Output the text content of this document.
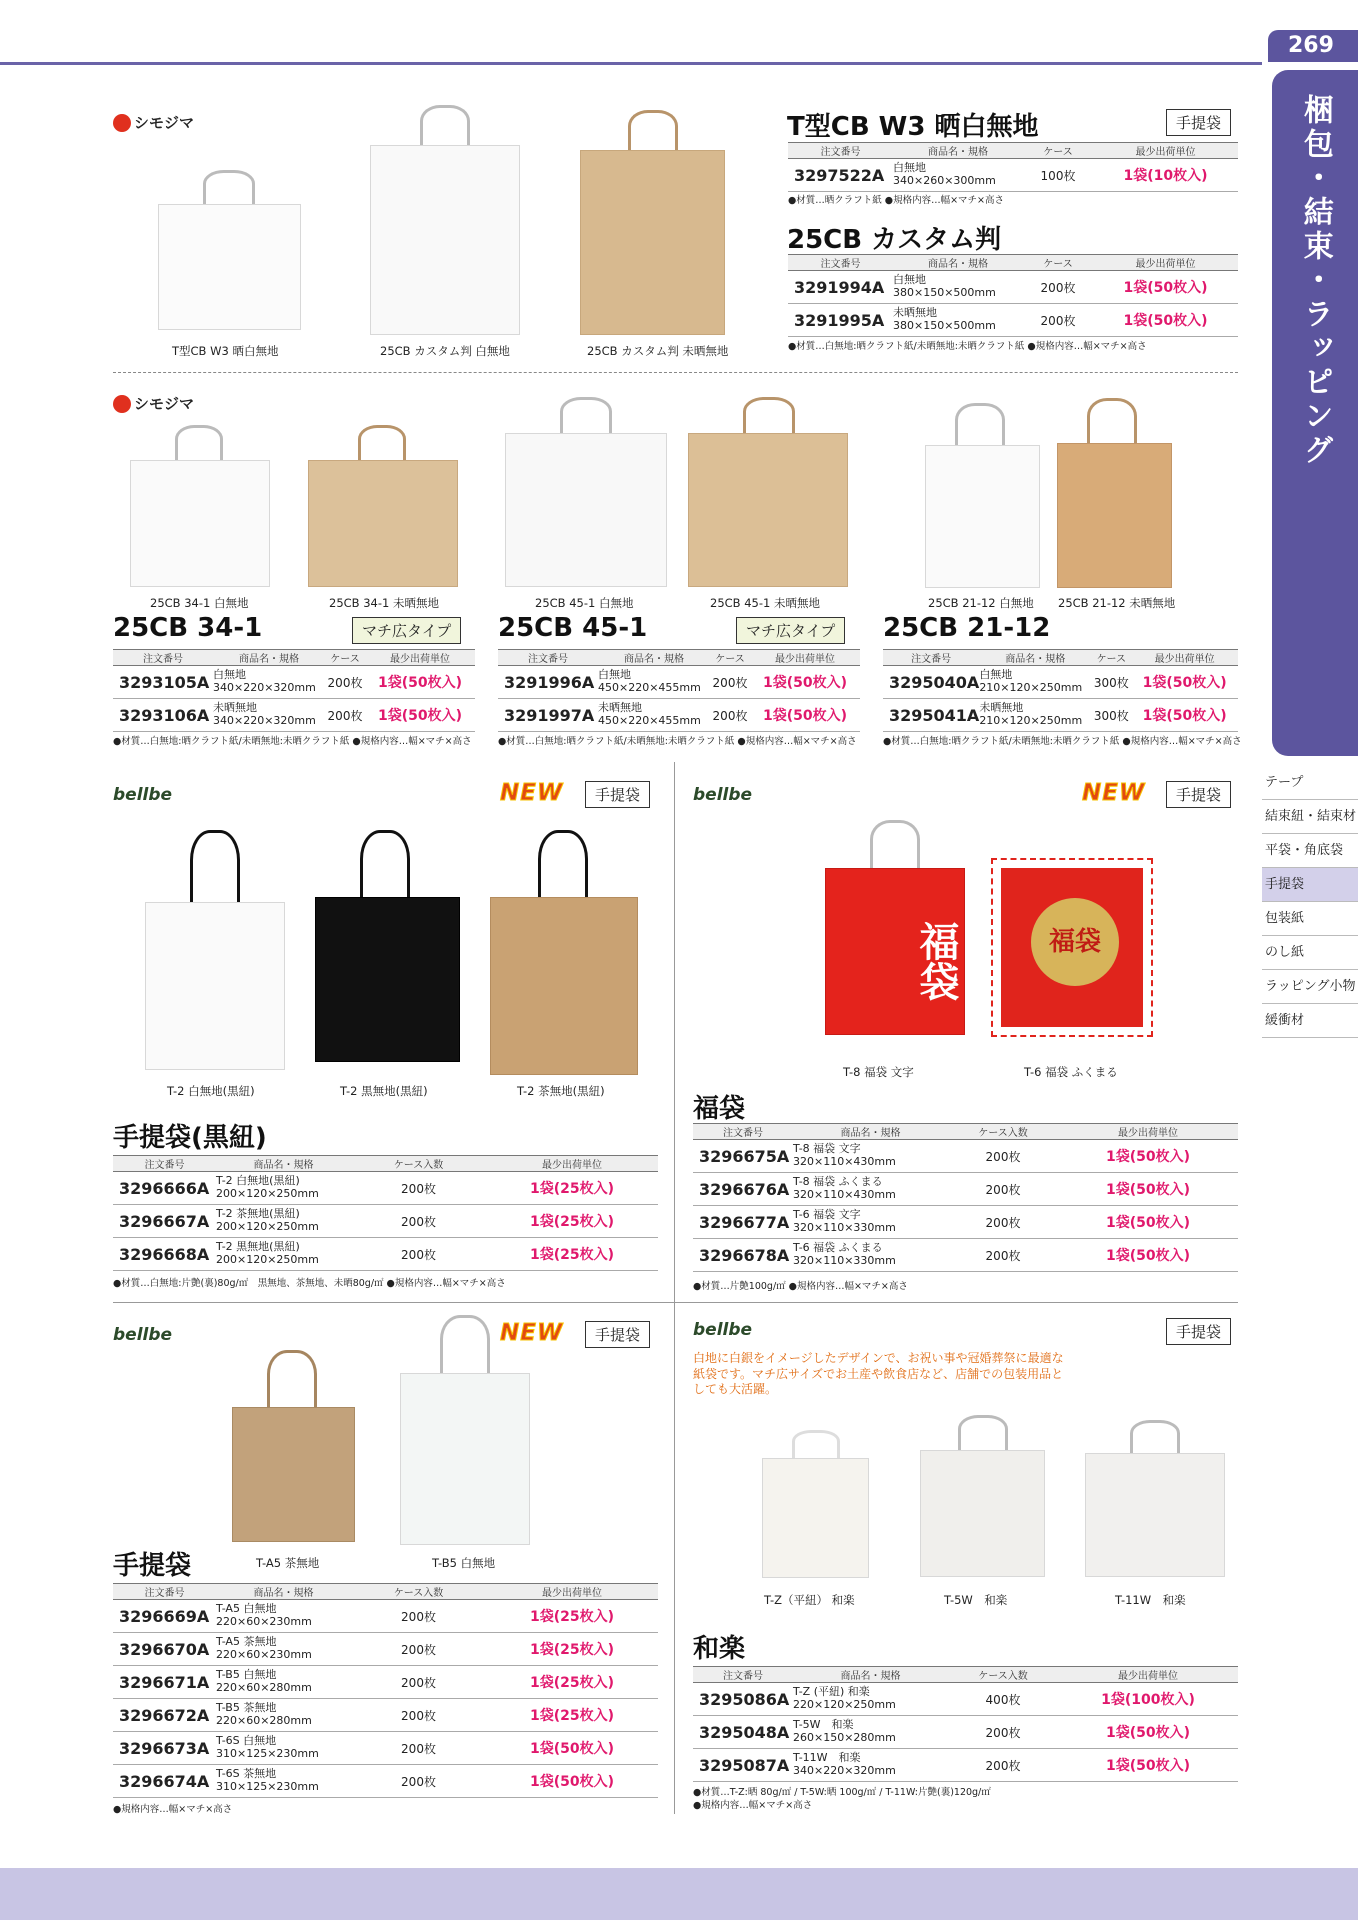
269
梱包・結束・ラッピング
テープ
結束紐・結束材
平袋・角底袋
手提袋
包装紙
のし紙
ラッピング小物
緩衝材
シモジマ
T型CB W3 晒白無地	25CB カスタム判 白無地	25CB カスタム判 未晒無地
T型CB W3 晒白無地	手提袋
注文番号	商品名・規格	ケース	最少出荷単位
3297522A	白無地
340×260×300mm	100枚	1袋(10枚入)
●材質…晒クラフト紙 ●規格内容…幅×マチ×高さ
25CB カスタム判
注文番号	商品名・規格	ケース	最少出荷単位
3291994A	白無地
380×150×500mm	200枚	1袋(50枚入)
3291995A	未晒無地
380×150×500mm	200枚	1袋(50枚入)
●材質…白無地:晒クラフト紙/未晒無地:未晒クラフト紙 ●規格内容…幅×マチ×高さ
シモジマ
25CB 34-1 白無地	25CB 34-1 未晒無地	25CB 45-1 白無地	25CB 45-1 未晒無地	25CB 21-12 白無地 25CB 21-12 未晒無地
25CB 34-1	マチ広タイプ	25CB 45-1	マチ広タイプ	25CB 21-12
注文番号	商品名・規格	ケース	最少出荷単位
3293105A	白無地
340×220×320mm	200枚	1袋(50枚入)
3293106A	未晒無地
340×220×320mm	200枚	1袋(50枚入)
注文番号	商品名・規格	ケース	最少出荷単位
3291996A	白無地
450×220×455mm	200枚	1袋(50枚入)
3291997A	未晒無地
450×220×455mm	200枚	1袋(50枚入)
注文番号	商品名・規格	ケース	最少出荷単位
3295040A	白無地
210×120×250mm	300枚	1袋(50枚入)
3295041A	未晒無地
210×120×250mm	300枚	1袋(50枚入)
●材質…白無地:晒クラフト紙/未晒無地:未晒クラフト紙 ●規格内容…幅×マチ×高さ	●材質…白無地:晒クラフト紙/未晒無地:未晒クラフト紙 ●規格内容…幅×マチ×高さ	●材質…白無地:晒クラフト紙/未晒無地:未晒クラフト紙 ●規格内容…幅×マチ×高さ
bellbe	NEW	手提袋
T-2 白無地(黒紐)	T-2 黒無地(黒紐)	T-2 茶無地(黒紐)
手提袋(黒紐)
注文番号	商品名・規格	ケース入数	最少出荷単位
3296666A	T-2 白無地(黒紐)
200×120×250mm	200枚	1袋(25枚入)
3296667A	T-2 茶無地(黒紐)
200×120×250mm	200枚	1袋(25枚入)
3296668A	T-2 黒無地(黒紐)
200×120×250mm	200枚	1袋(25枚入)
●材質…白無地:片艶(裏)80g/㎡　黒無地、茶無地、未晒80g/㎡ ●規格内容…幅×マチ×高さ
bellbe	NEW	手提袋
福袋	福袋
T-8 福袋 文字	T-6 福袋 ふくまる
福袋
注文番号	商品名・規格	ケース入数	最少出荷単位
3296675A	T-8 福袋 文字
320×110×430mm	200枚	1袋(50枚入)
3296676A	T-8 福袋 ふくまる
320×110×430mm	200枚	1袋(50枚入)
3296677A	T-6 福袋 文字
320×110×330mm	200枚	1袋(50枚入)
3296678A	T-6 福袋 ふくまる
320×110×330mm	200枚	1袋(50枚入)
●材質…片艶100g/㎡ ●規格内容…幅×マチ×高さ
bellbe	NEW	手提袋
T-A5 茶無地	T-B5 白無地
手提袋
注文番号	商品名・規格	ケース入数	最少出荷単位
3296669A	T-A5 白無地
220×60×230mm	200枚	1袋(25枚入)
3296670A	T-A5 茶無地
220×60×230mm	200枚	1袋(25枚入)
3296671A	T-B5 白無地
220×60×280mm	200枚	1袋(25枚入)
3296672A	T-B5 茶無地
220×60×280mm	200枚	1袋(25枚入)
3296673A	T-6S 白無地
310×125×230mm	200枚	1袋(50枚入)
3296674A	T-6S 茶無地
310×125×230mm	200枚	1袋(50枚入)
●規格内容…幅×マチ×高さ
bellbe	手提袋
白地に白銀をイメージしたデザインで、お祝い事や冠婚葬祭に最適な紙袋です。マチ広サイズでお土産や飲食店など、店舗での包装用品としても大活躍。
T-Z（平紐） 和楽	T-5W　和楽	T-11W　和楽
和楽
注文番号	商品名・規格	ケース入数	最少出荷単位
3295086A	T-Z (平紐) 和楽
220×120×250mm	400枚	1袋(100枚入)
3295048A	T-5W　和楽
260×150×280mm	200枚	1袋(50枚入)
3295087A	T-11W　和楽
340×220×320mm	200枚	1袋(50枚入)
●材質…T-Z:晒 80g/㎡ / T-5W:晒 100g/㎡ / T-11W:片艶(裏)120g/㎡
●規格内容…幅×マチ×高さ
